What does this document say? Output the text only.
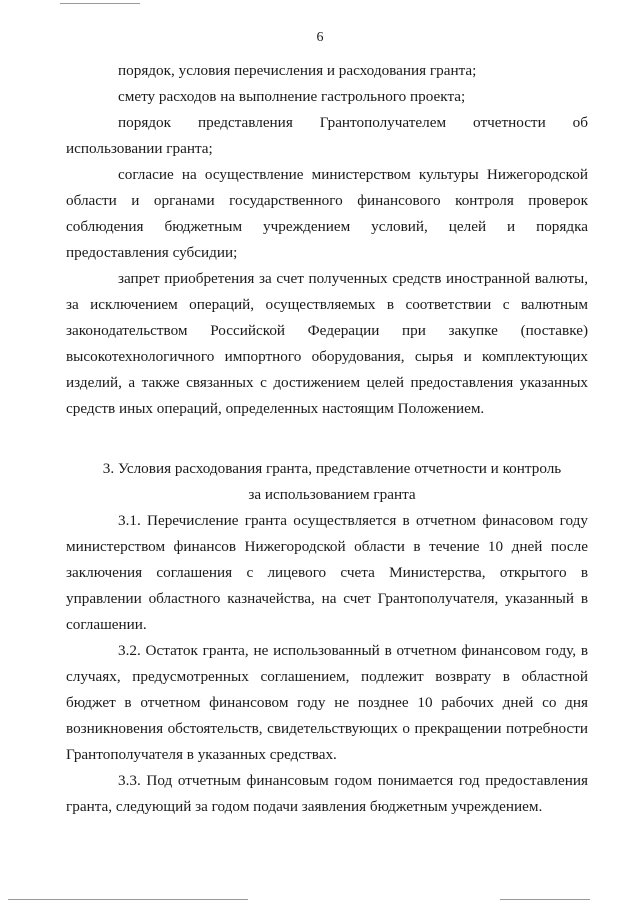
6

порядок, условия перечисления и расходования гранта;

смету расходов на выполнение гастрольного проекта;

порядок представления Грантополучателем отчетности об использовании гранта;

согласие на осуществление министерством культуры Нижегородской области и органами государственного финансового контроля проверок соблюдения бюджетным учреждением условий, целей и порядка предоставления субсидии;

запрет приобретения за счет полученных средств иностранной валюты, за исключением операций, осуществляемых в соответствии с валютным законодательством Российской Федерации при закупке (поставке) высокотехнологичного импортного оборудования, сырья и комплектующих изделий, а также связанных с достижением целей предоставления указанных средств иных операций, определенных настоящим Положением.

3. Условия расходования гранта, представление отчетности и контроль

за использованием гранта

3.1. Перечисление гранта осуществляется в отчетном финасовом году министерством финансов Нижегородской области в течение 10 дней после заключения соглашения с лицевого счета Министерства, открытого в управлении областного казначейства, на счет Грантополучателя, указанный в соглашении.

3.2. Остаток гранта, не использованный в отчетном финансовом году, в случаях, предусмотренных соглашением, подлежит возврату в областной бюджет в отчетном финансовом году не позднее 10 рабочих дней со дня возникновения обстоятельств, свидетельствующих о прекращении потребности Грантополучателя в указанных средствах.

3.3. Под отчетным финансовым годом понимается год предоставления гранта, следующий за годом подачи заявления бюджетным учреждением.
